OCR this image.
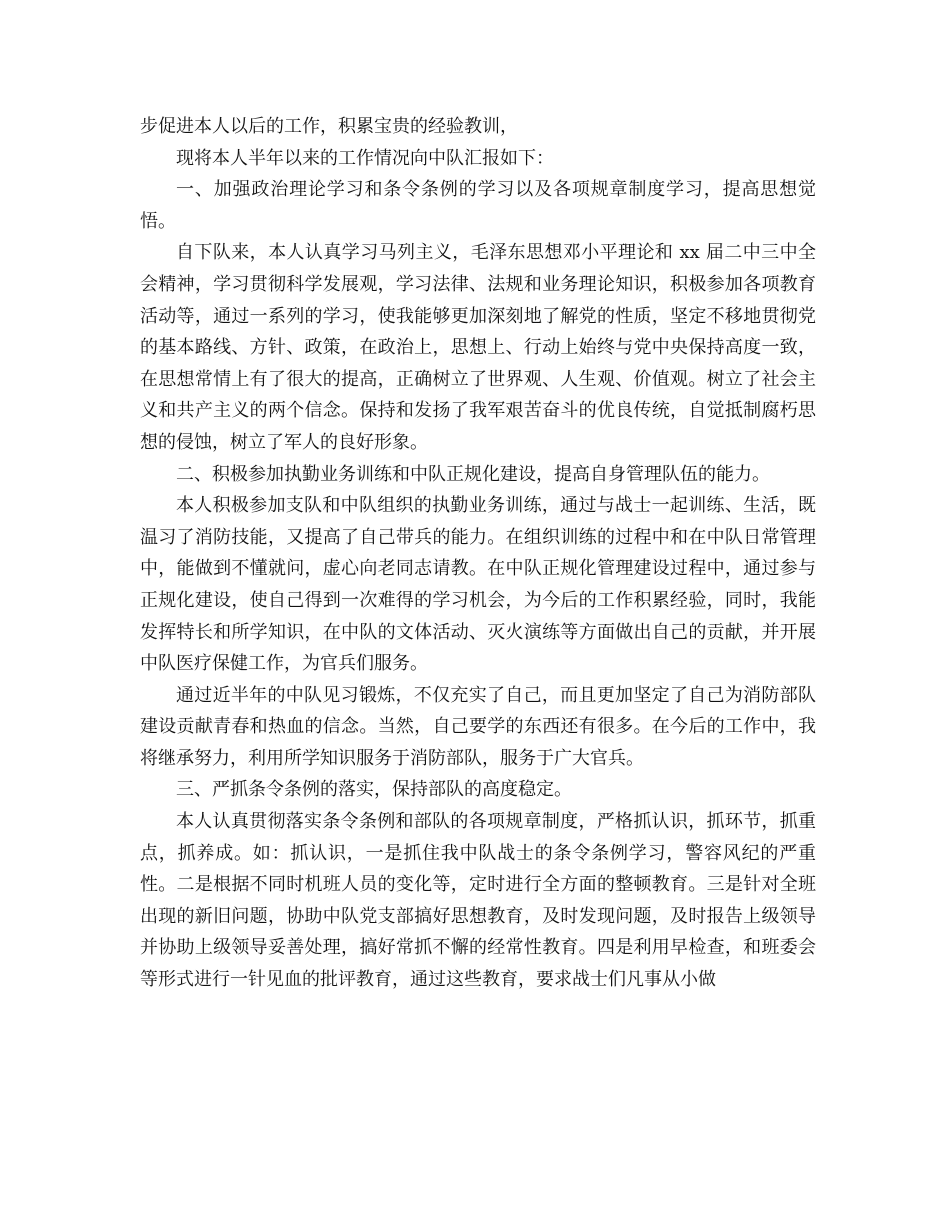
步促进本人以后的工作，积累宝贵的经验教训，

现将本人半年以来的工作情况向中队汇报如下：

一、加强政治理论学习和条令条例的学习以及各项规章制度学习，提高思想觉悟。

自下队来，本人认真学习马列主义，毛泽东思想邓小平理论和 xx 届二中三中全会精神，学习贯彻科学发展观，学习法律、法规和业务理论知识，积极参加各项教育活动等，通过一系列的学习，使我能够更加深刻地了解党的性质，坚定不移地贯彻党的基本路线、方针、政策，在政治上，思想上、行动上始终与党中央保持高度一致，在思想常情上有了很大的提高，正确树立了世界观、人生观、价值观。树立了社会主义和共产主义的两个信念。保持和发扬了我军艰苦奋斗的优良传统，自觉抵制腐朽思想的侵蚀，树立了军人的良好形象。

二、积极参加执勤业务训练和中队正规化建设，提高自身管理队伍的能力。

本人积极参加支队和中队组织的执勤业务训练，通过与战士一起训练、生活，既温习了消防技能，又提高了自己带兵的能力。在组织训练的过程中和在中队日常管理中，能做到不懂就问，虚心向老同志请教。在中队正规化管理建设过程中，通过参与正规化建设，使自己得到一次难得的学习机会，为今后的工作积累经验，同时，我能发挥特长和所学知识，在中队的文体活动、灭火演练等方面做出自己的贡献，并开展中队医疗保健工作，为官兵们服务。

通过近半年的中队见习锻炼，不仅充实了自己，而且更加坚定了自己为消防部队建设贡献青春和热血的信念。当然，自己要学的东西还有很多。在今后的工作中，我将继承努力，利用所学知识服务于消防部队，服务于广大官兵。

三、严抓条令条例的落实，保持部队的高度稳定。

本人认真贯彻落实条令条例和部队的各项规章制度，严格抓认识，抓环节，抓重点，抓养成。如：抓认识，一是抓住我中队战士的条令条例学习，警容风纪的严重性。二是根据不同时机班人员的变化等，定时进行全方面的整顿教育。三是针对全班出现的新旧问题，协助中队党支部搞好思想教育，及时发现问题，及时报告上级领导并协助上级领导妥善处理，搞好常抓不懈的经常性教育。四是利用早检查，和班委会等形式进行一针见血的批评教育，通过这些教育，要求战士们凡事从小做
